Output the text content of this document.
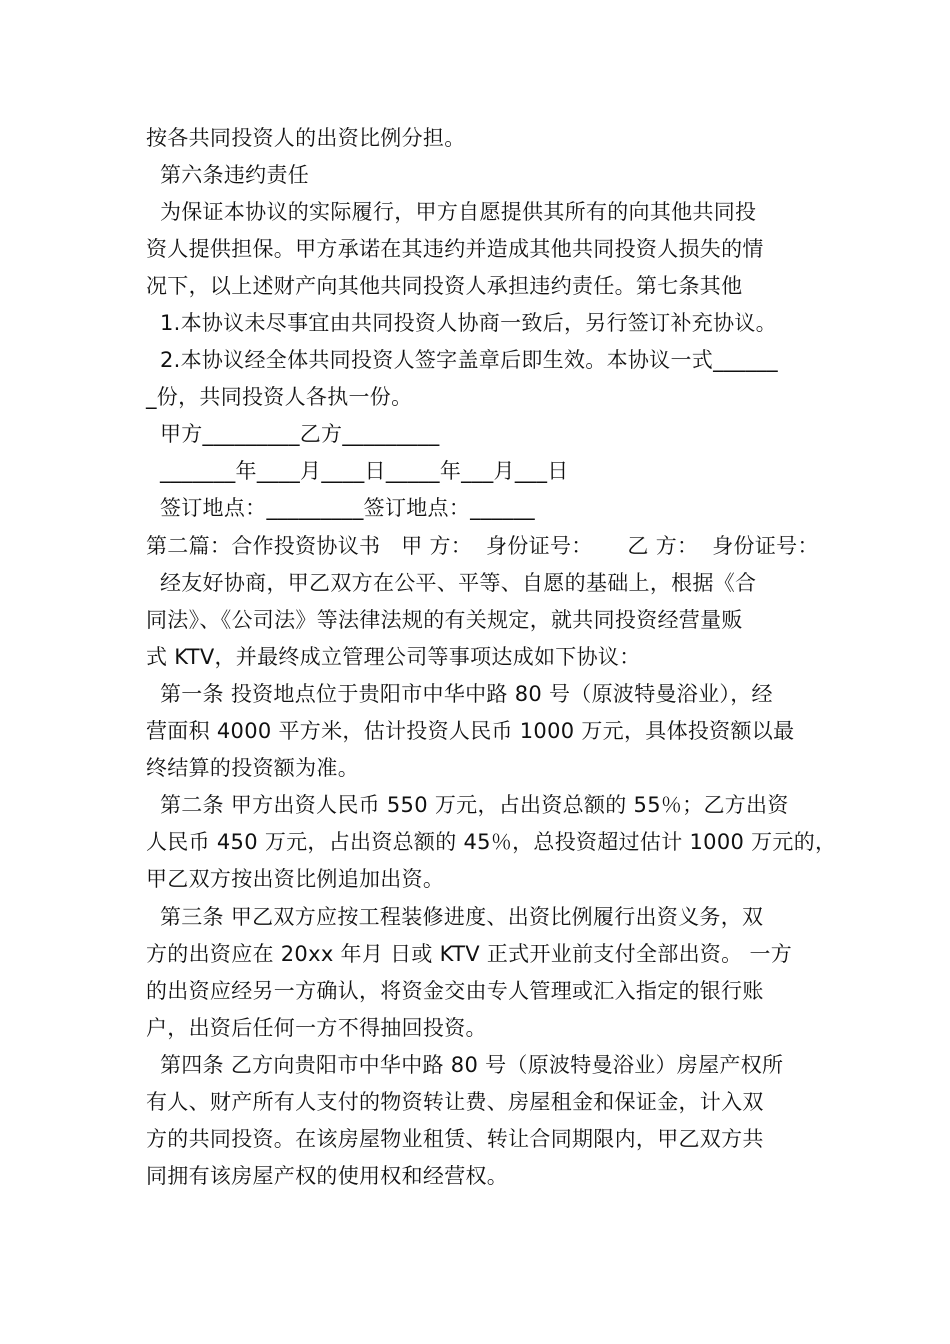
按各共同投资人的出资比例分担。
第六条违约责任
为保证本协议的实际履行，甲方自愿提供其所有的向其他共同投
资人提供担保。甲方承诺在其违约并造成其他共同投资人损失的情
况下，以上述财产向其他共同投资人承担违约责任。第七条其他
1.本协议未尽事宜由共同投资人协商一致后，另行签订补充协议。
2.本协议经全体共同投资人签字盖章后即生效。本协议一式______
_份，共同投资人各执一份。
甲方_________乙方_________
_______年____月____日_____年___月___日
签订地点：_________签订地点：______
第二篇：合作投资协议书   甲 方：  身份证号：     乙 方：  身份证号：
经友好协商，甲乙双方在公平、平等、自愿的基础上，根据《合
同法》、《公司法》等法律法规的有关规定，就共同投资经营量贩
式 KTV，并最终成立管理公司等事项达成如下协议：
第一条 投资地点位于贵阳市中华中路 80 号（原波特曼浴业），经
营面积 4000 平方米，估计投资人民币 1000 万元，具体投资额以最
终结算的投资额为准。
第二条 甲方出资人民币 550 万元，占出资总额的 55％；乙方出资
人民币 450 万元，占出资总额的 45％，总投资超过估计 1000 万元的，
甲乙双方按出资比例追加出资。
第三条 甲乙双方应按工程装修进度、出资比例履行出资义务，双
方的出资应在 20xx 年月 日或 KTV 正式开业前支付全部出资。 一方
的出资应经另一方确认，将资金交由专人管理或汇入指定的银行账
户，出资后任何一方不得抽回投资。
第四条 乙方向贵阳市中华中路 80 号（原波特曼浴业）房屋产权所
有人、财产所有人支付的物资转让费、房屋租金和保证金，计入双
方的共同投资。在该房屋物业租赁、转让合同期限内，甲乙双方共
同拥有该房屋产权的使用权和经营权。
